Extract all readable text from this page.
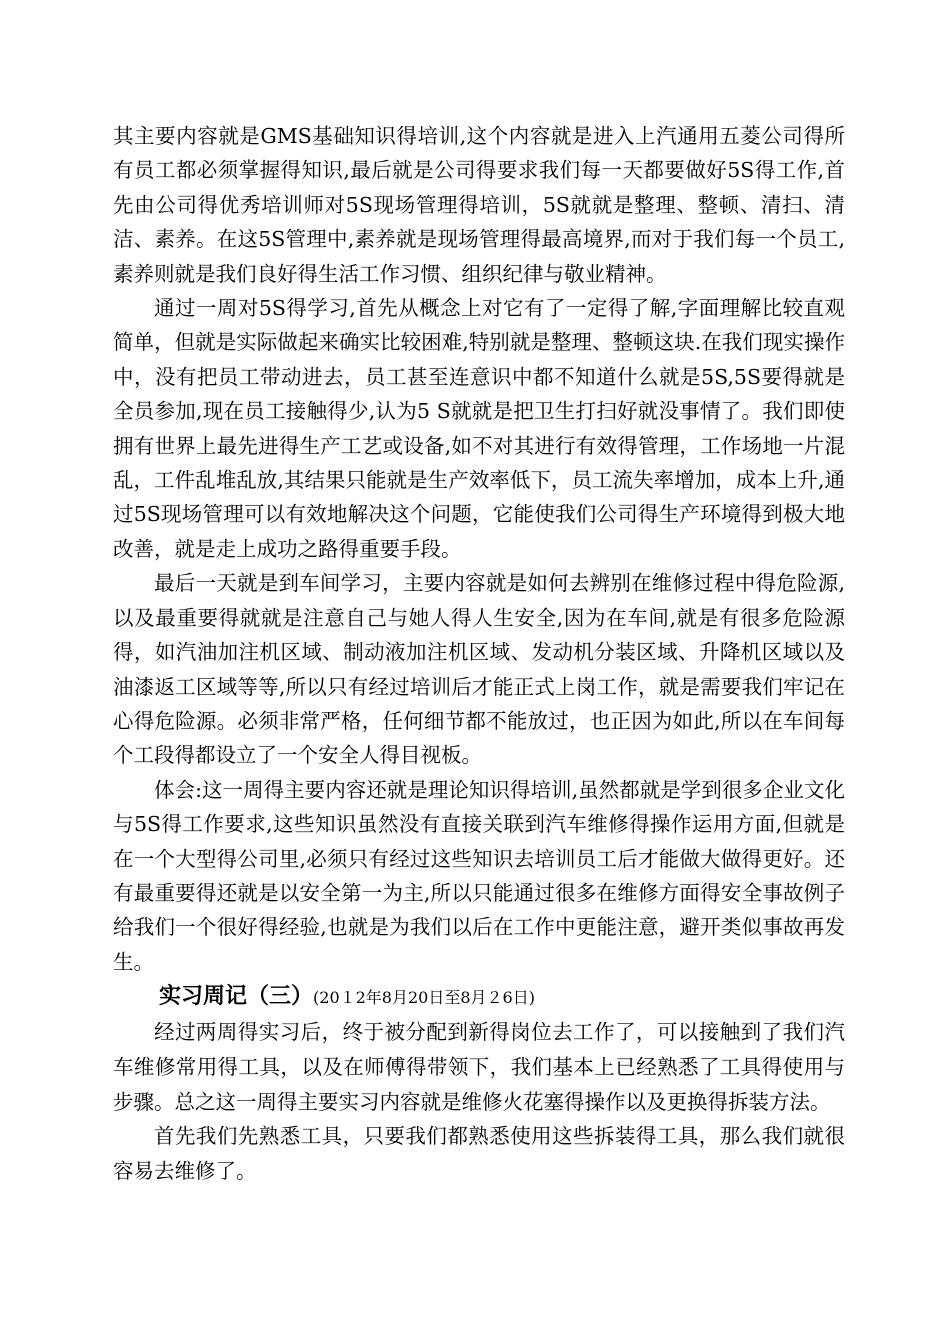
其主要内容就是GMS基础知识得培训,这个内容就是进入上汽通用五菱公司得所有员工都必须掌握得知识,最后就是公司得要求我们每一天都要做好5S得工作,首先由公司得优秀培训师对5S现场管理得培训，5S就就是整理、整顿、清扫、清洁、素养。在这5S管理中,素养就是现场管理得最高境界,而对于我们每一个员工,素养则就是我们良好得生活工作习惯、组织纪律与敬业精神。

通过一周对5S得学习,首先从概念上对它有了一定得了解,字面理解比较直观简单，但就是实际做起来确实比较困难,特别就是整理、整顿这块.在我们现实操作中，没有把员工带动进去，员工甚至连意识中都不知道什么就是5S,5S要得就是全员参加,现在员工接触得少,认为5 S就就是把卫生打扫好就没事情了。我们即使拥有世界上最先进得生产工艺或设备,如不对其进行有效得管理，工作场地一片混乱，工件乱堆乱放,其结果只能就是生产效率低下，员工流失率增加，成本上升,通过5S现场管理可以有效地解决这个问题，它能使我们公司得生产环境得到极大地改善，就是走上成功之路得重要手段。

最后一天就是到车间学习，主要内容就是如何去辨别在维修过程中得危险源,以及最重要得就就是注意自己与她人得人生安全,因为在车间,就是有很多危险源得，如汽油加注机区域、制动液加注机区域、发动机分装区域、升降机区域以及油漆返工区域等等,所以只有经过培训后才能正式上岗工作，就是需要我们牢记在心得危险源。必须非常严格，任何细节都不能放过，也正因为如此,所以在车间每个工段得都设立了一个安全人得目视板。

体会:这一周得主要内容还就是理论知识得培训,虽然都就是学到很多企业文化与5S得工作要求,这些知识虽然没有直接关联到汽车维修得操作运用方面,但就是在一个大型得公司里,必须只有经过这些知识去培训员工后才能做大做得更好。还有最重要得还就是以安全第一为主,所以只能通过很多在维修方面得安全事故例子给我们一个很好得经验,也就是为我们以后在工作中更能注意，避开类似事故再发生。

实习周记（三）(20１2年8月20日至8月２6日)

经过两周得实习后，终于被分配到新得岗位去工作了，可以接触到了我们汽车维修常用得工具，以及在师傅得带领下，我们基本上已经熟悉了工具得使用与步骤。总之这一周得主要实习内容就是维修火花塞得操作以及更换得拆装方法。

首先我们先熟悉工具，只要我们都熟悉使用这些拆装得工具，那么我们就很容易去维修了。
